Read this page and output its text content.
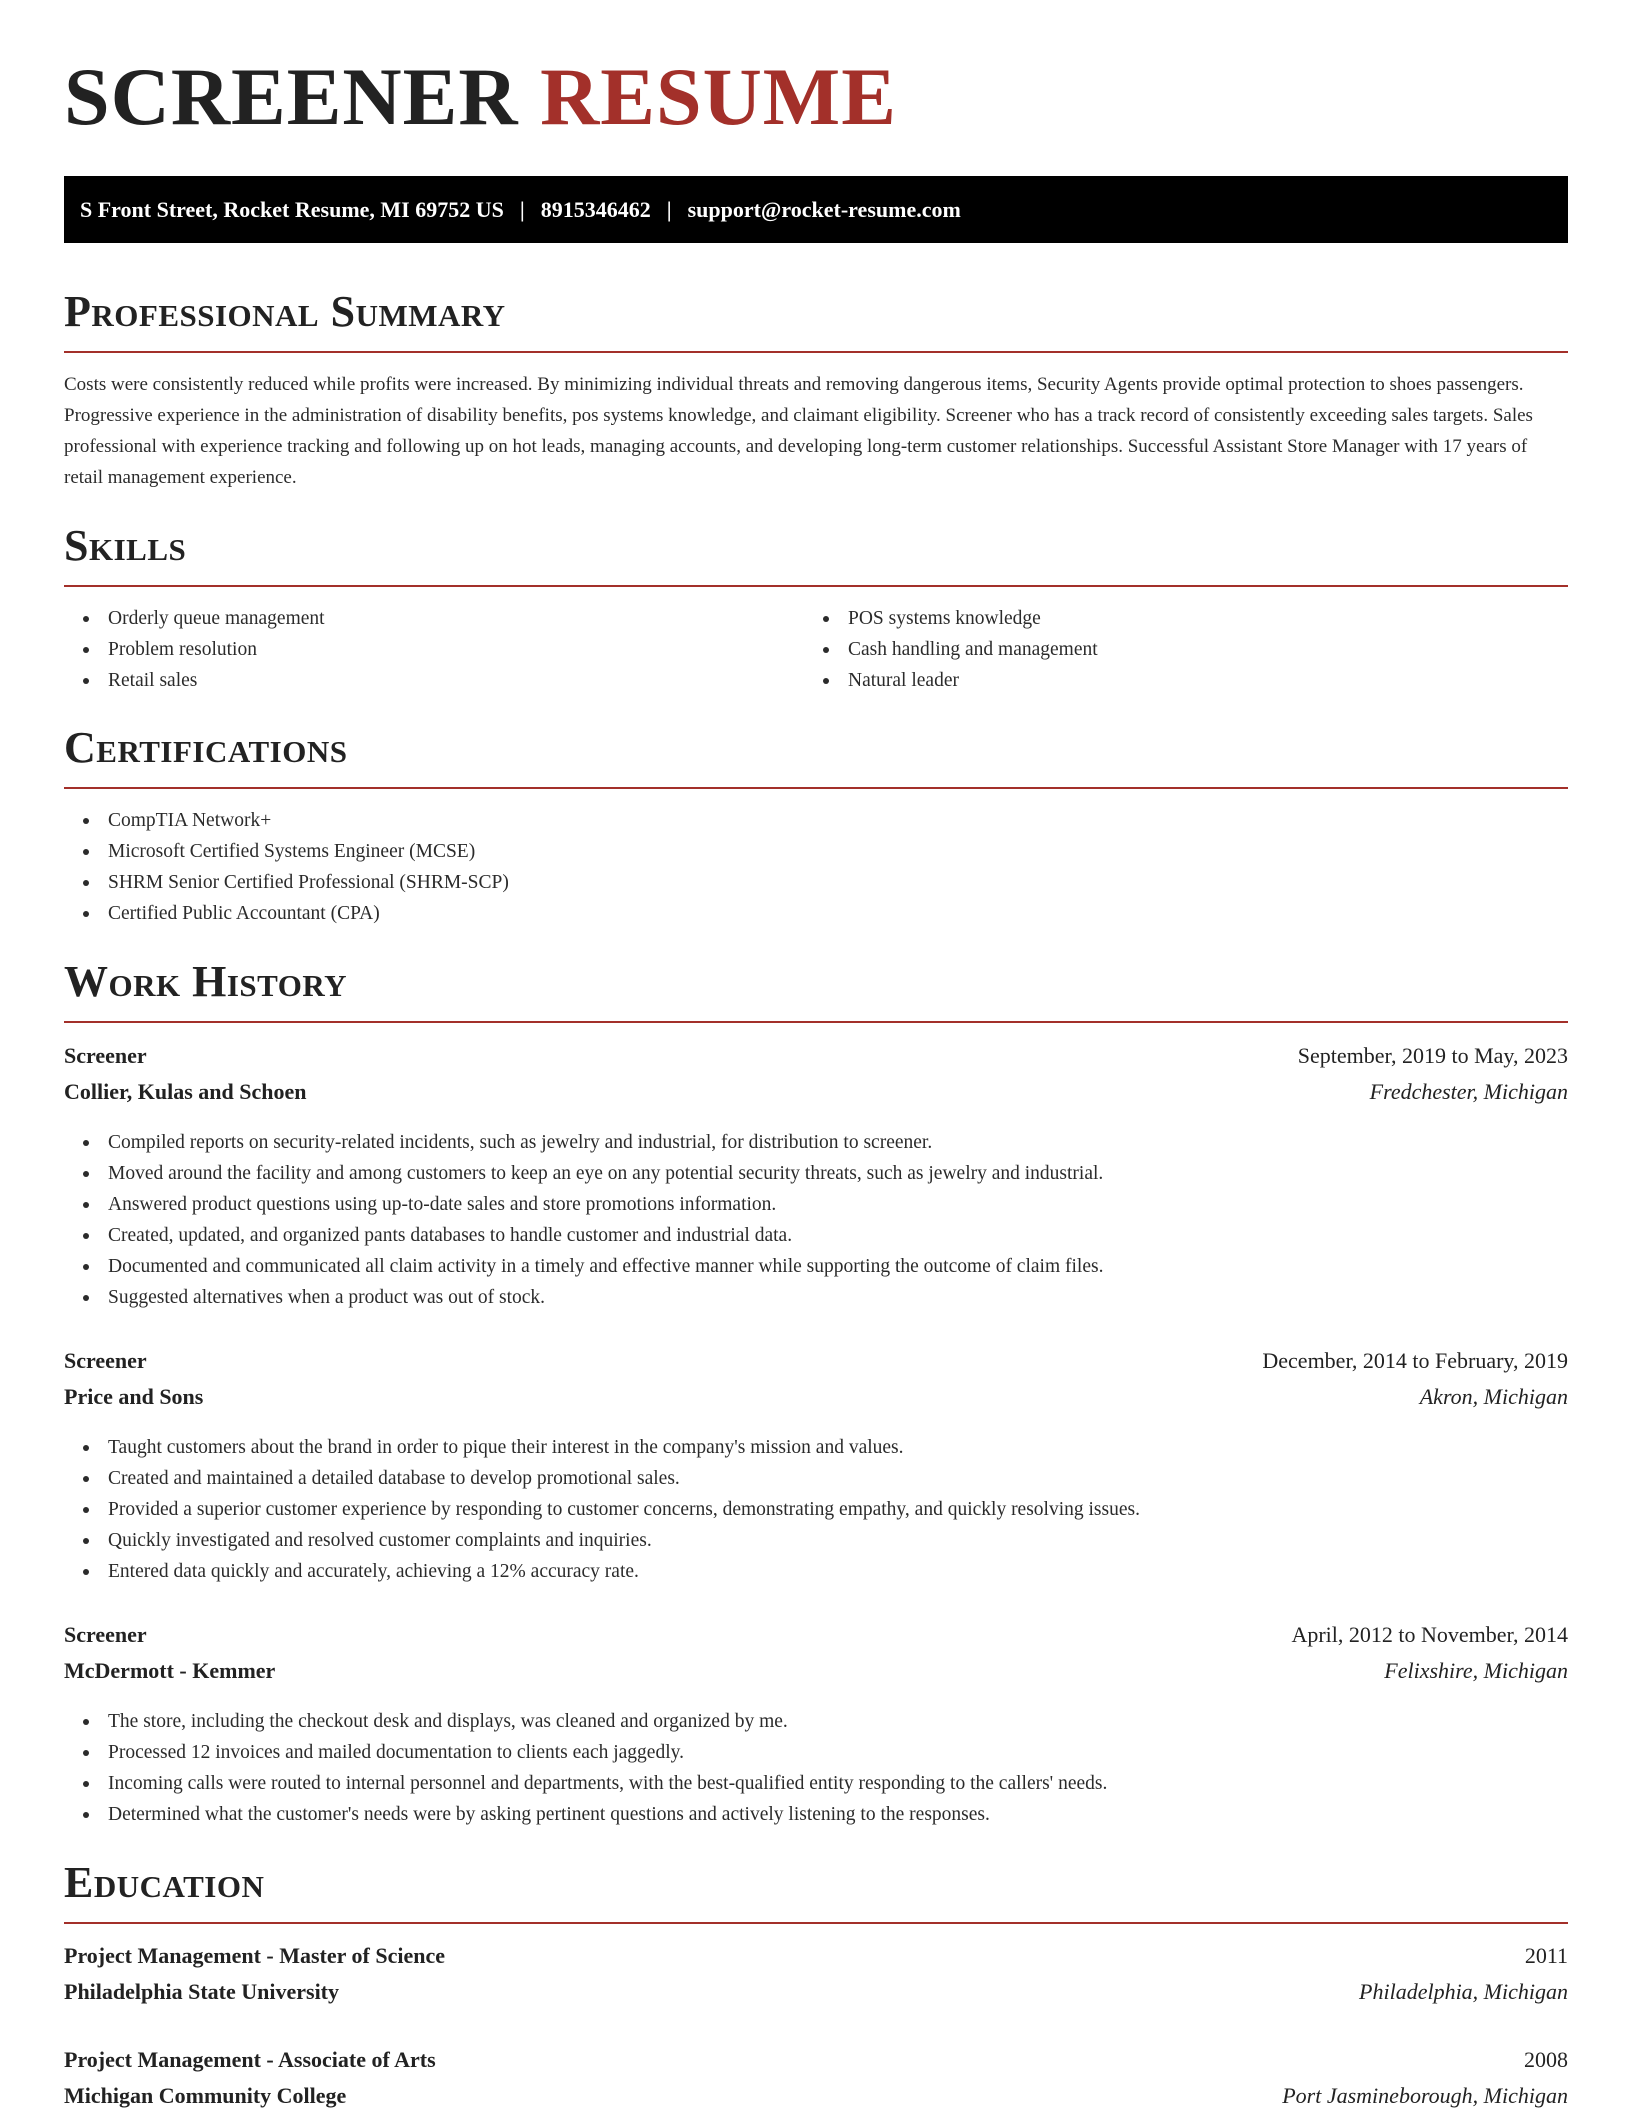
SCREENER RESUME
S Front Street, Rocket Resume, MI 69752 US | 8915346462 | support@rocket-resume.com
Professional Summary

Costs were consistently reduced while profits were increased. By minimizing individual threats and removing dangerous items, Security Agents provide optimal protection to shoes passengers. Progressive experience in the administration of disability benefits, pos systems knowledge, and claimant eligibility. Screener who has a track record of consistently exceeding sales targets. Sales professional with experience tracking and following up on hot leads, managing accounts, and developing long-term customer relationships. Successful Assistant Store Manager with 17 years of retail management experience.

Skills
Orderly queue management
Problem resolution
Retail sales
POS systems knowledge
Cash handling and management
Natural leader
Certifications
CompTIA Network+
Microsoft Certified Systems Engineer (MCSE)
SHRM Senior Certified Professional (SHRM-SCP)
Certified Public Accountant (CPA)
Work History
Screener	September, 2019 to May, 2023
Collier, Kulas and Schoen	Fredchester, Michigan
Compiled reports on security-related incidents, such as jewelry and industrial, for distribution to screener.
Moved around the facility and among customers to keep an eye on any potential security threats, such as jewelry and industrial.
Answered product questions using up-to-date sales and store promotions information.
Created, updated, and organized pants databases to handle customer and industrial data.
Documented and communicated all claim activity in a timely and effective manner while supporting the outcome of claim files.
Suggested alternatives when a product was out of stock.
Screener	December, 2014 to February, 2019
Price and Sons	Akron, Michigan
Taught customers about the brand in order to pique their interest in the company's mission and values.
Created and maintained a detailed database to develop promotional sales.
Provided a superior customer experience by responding to customer concerns, demonstrating empathy, and quickly resolving issues.
Quickly investigated and resolved customer complaints and inquiries.
Entered data quickly and accurately, achieving a 12% accuracy rate.
Screener	April, 2012 to November, 2014
McDermott - Kemmer	Felixshire, Michigan
The store, including the checkout desk and displays, was cleaned and organized by me.
Processed 12 invoices and mailed documentation to clients each jaggedly.
Incoming calls were routed to internal personnel and departments, with the best-qualified entity responding to the callers' needs.
Determined what the customer's needs were by asking pertinent questions and actively listening to the responses.
Education
Project Management - Master of Science	2011
Philadelphia State University	Philadelphia, Michigan
Project Management - Associate of Arts	2008
Michigan Community College	Port Jasmineborough, Michigan
